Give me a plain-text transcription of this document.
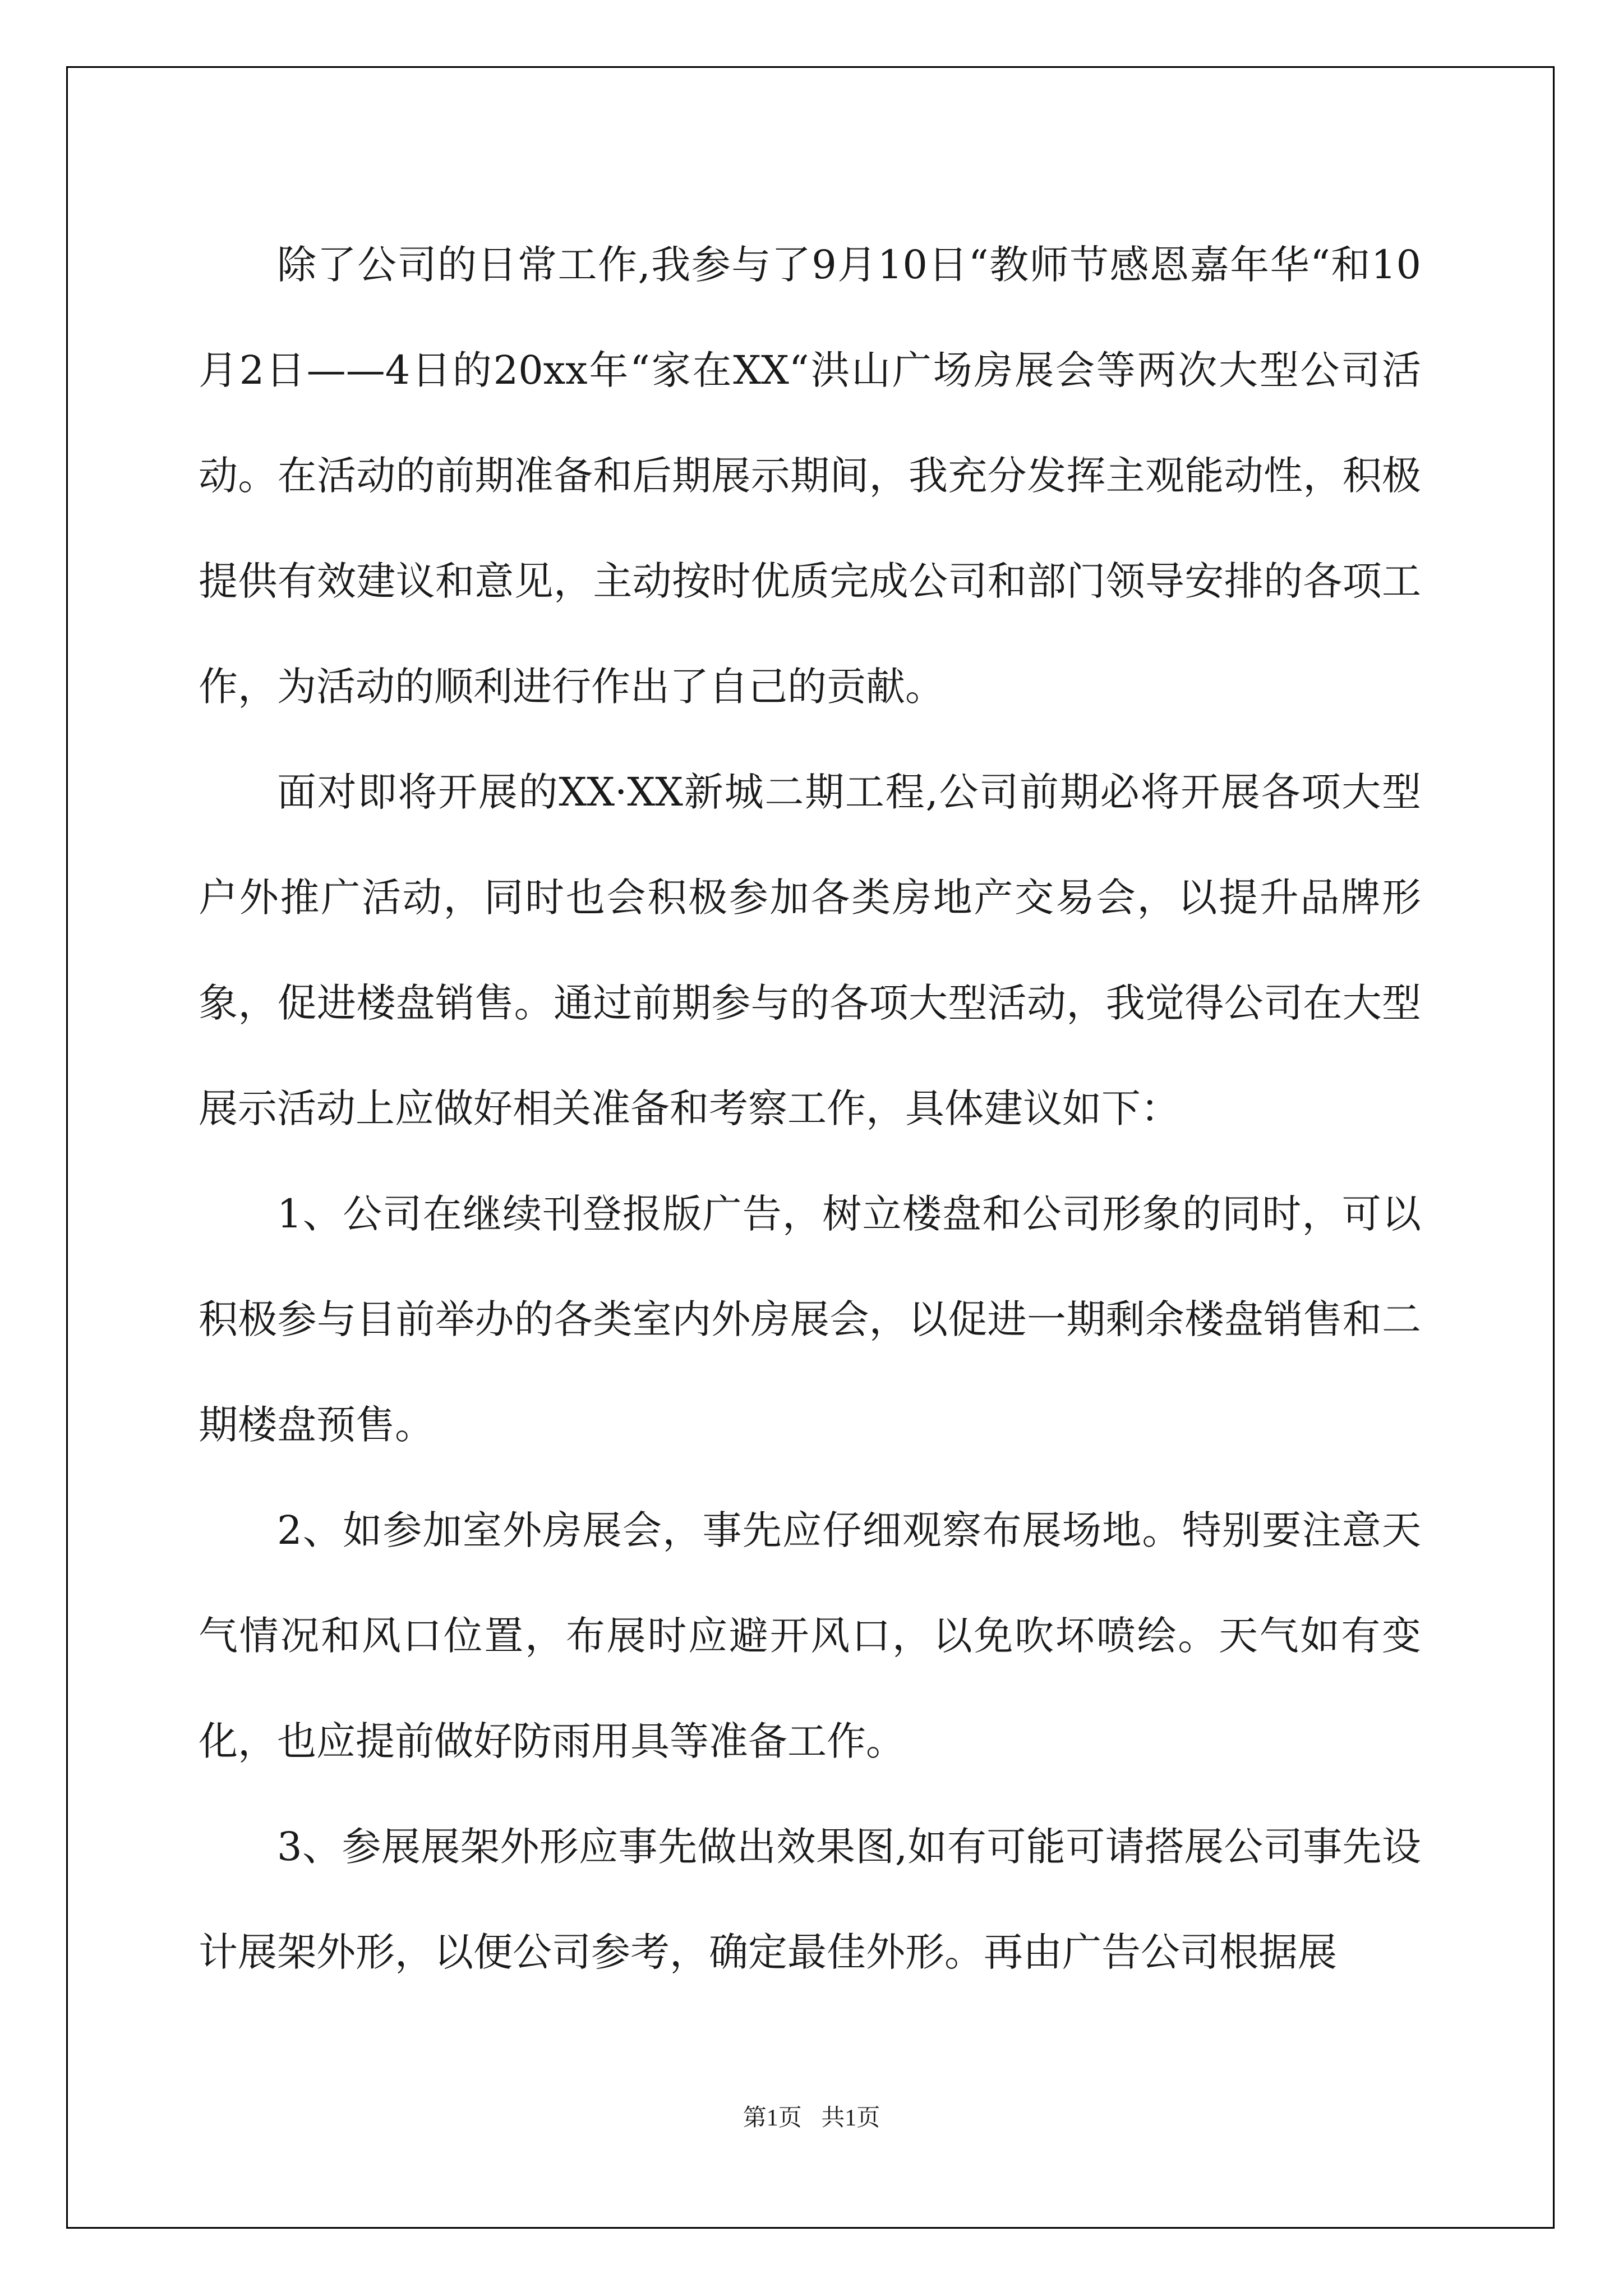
除了公司的日常工作,我参与了9月10日“教师节感恩嘉年华“和10月2日——4日的20xx年“家在XX“洪山广场房展会等两次大型公司活动。在活动的前期准备和后期展示期间，我充分发挥主观能动性，积极提供有效建议和意见，主动按时优质完成公司和部门领导安排的各项工作，为活动的顺利进行作出了自己的贡献。

面对即将开展的XX·XX新城二期工程,公司前期必将开展各项大型户外推广活动，同时也会积极参加各类房地产交易会，以提升品牌形象，促进楼盘销售。通过前期参与的各项大型活动，我觉得公司在大型展示活动上应做好相关准备和考察工作，具体建议如下：

1、公司在继续刊登报版广告，树立楼盘和公司形象的同时，可以积极参与目前举办的各类室内外房展会，以促进一期剩余楼盘销售和二期楼盘预售。

2、如参加室外房展会，事先应仔细观察布展场地。特别要注意天气情况和风口位置，布展时应避开风口，以免吹坏喷绘。天气如有变化，也应提前做好防雨用具等准备工作。

3、参展展架外形应事先做出效果图,如有可能可请搭展公司事先设计展架外形，以便公司参考，确定最佳外形。再由广告公司根据展

第1页 共1页
